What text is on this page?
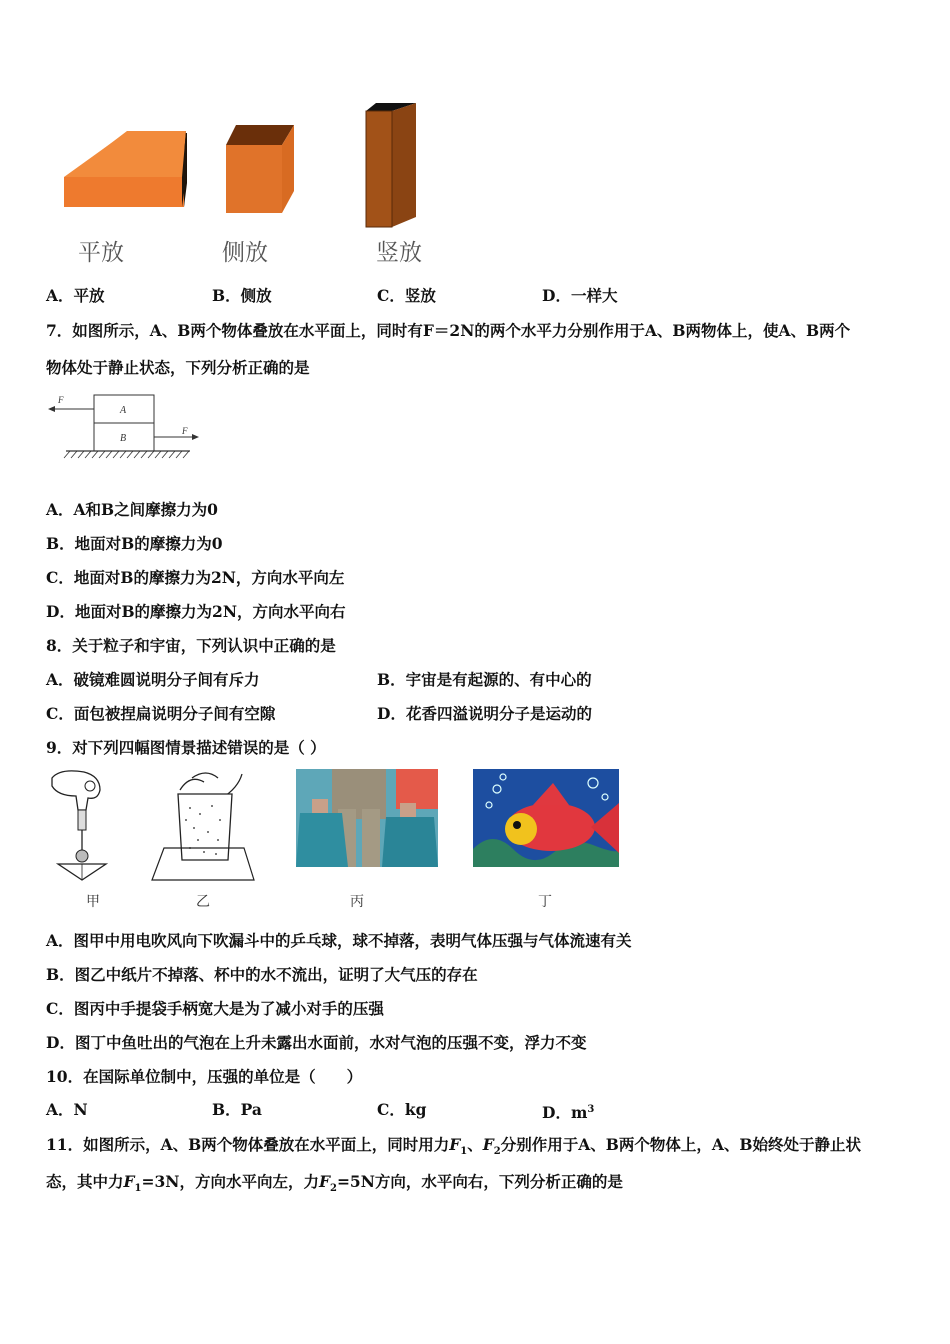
平放	侧放	竖放
A．平放	B．侧放	C．竖放	D．一样大
7．如图所示，A、B两个物体叠放在水平面上，同时有F＝2N的两个水平力分别作用于A、B两物体上，使A、B两个
物体处于静止状态，下列分析正确的是
A
B
F
F
A．A和B之间摩擦力为0
B．地面对B的摩擦力为0
C．地面对B的摩擦力为2N，方向水平向左
D．地面对B的摩擦力为2N，方向水平向右
8．关于粒子和宇宙，下列认识中正确的是
A．破镜难圆说明分子间有斥力	B．宇宙是有起源的、有中心的
C．面包被捏扁说明分子间有空隙	D．花香四溢说明分子是运动的
9．对下列四幅图情景描述错误的是（ ）
甲	乙	丙	丁
A．图甲中用电吹风向下吹漏斗中的乒乓球，球不掉落，表明气体压强与气体流速有关
B．图乙中纸片不掉落、杯中的水不流出，证明了大气压的存在
C．图丙中手提袋手柄宽大是为了减小对手的压强
D．图丁中鱼吐出的气泡在上升未露出水面前，水对气泡的压强不变，浮力不变
10．在国际单位制中，压强的单位是（　　）
A．N	B．Pa	C．kg	D．$m^3$
11．如图所示，A、B两个物体叠放在水平面上，同时用力$F_1$、$F_2$分别作用于A、B两个物体上，A、B始终处于静止状
态，其中力$F_1=3N$，方向水平向左，力$F_2=5N$方向，水平向右，下列分析正确的是
